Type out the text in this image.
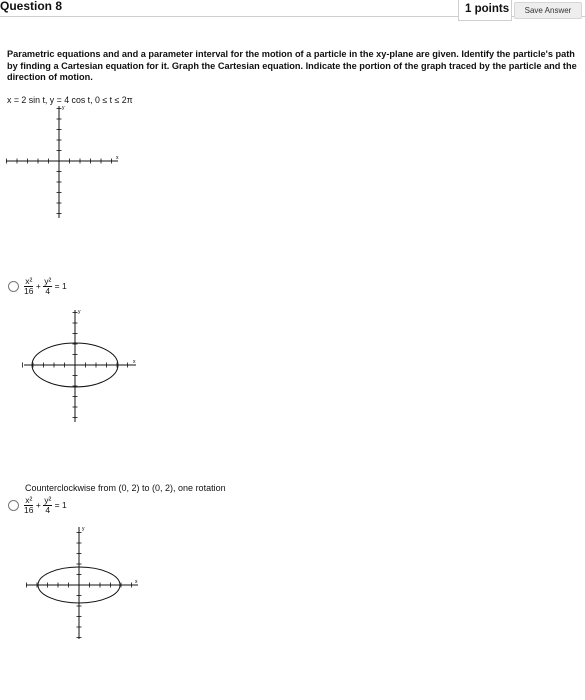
Question 8	1 points	Save Answer
Parametric equations and and a parameter interval for the motion of a particle in the xy-plane are given. Identify the particle's path by finding a Cartesian equation for it. Graph the Cartesian equation. Indicate the portion of the graph traced by the particle and the direction of motion.
x = 2 sin t, y = 4 cos t, 0 ≤ t ≤ 2π
x
y
$\frac{\text{x²}}{16} + \frac{\text{y²}}{4} = 1$
x
y
Counterclockwise from (0, 2) to (0, 2), one rotation
$\frac{\text{x²}}{16} + \frac{\text{y²}}{4} = 1$
x
y
